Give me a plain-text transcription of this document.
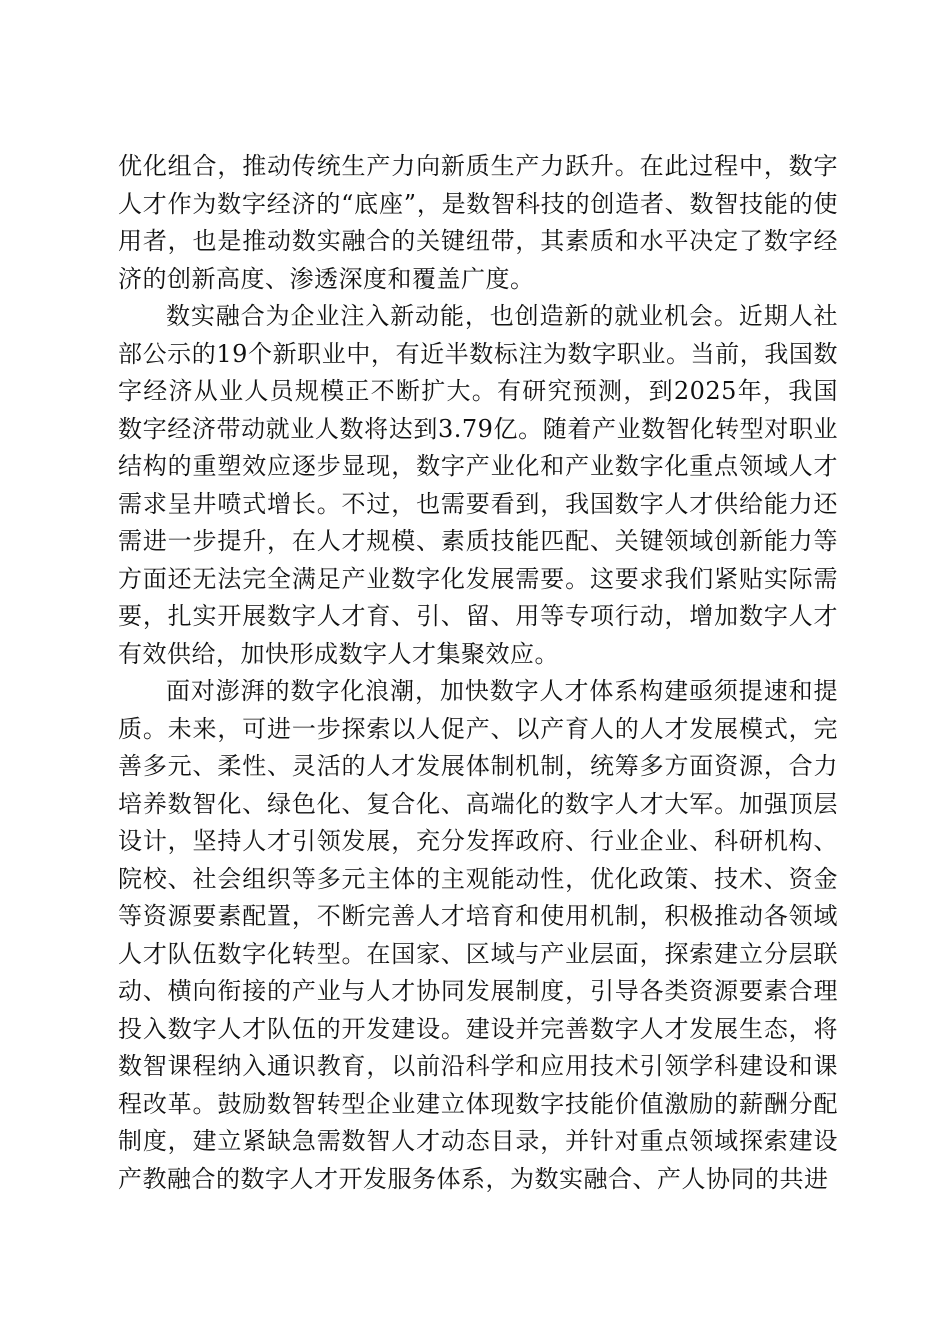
优化组合，推动传统生产力向新质生产力跃升。在此过程中，数字人才作为数字经济的“底座”，是数智科技的创造者、数智技能的使用者，也是推动数实融合的关键纽带，其素质和水平决定了数字经济的创新高度、渗透深度和覆盖广度。

数实融合为企业注入新动能，也创造新的就业机会。近期人社部公示的19个新职业中，有近半数标注为数字职业。当前，我国数字经济从业人员规模正不断扩大。有研究预测，到2025年，我国数字经济带动就业人数将达到3.79亿。随着产业数智化转型对职业结构的重塑效应逐步显现，数字产业化和产业数字化重点领域人才需求呈井喷式增长。不过，也需要看到，我国数字人才供给能力还需进一步提升，在人才规模、素质技能匹配、关键领域创新能力等方面还无法完全满足产业数字化发展需要。这要求我们紧贴实际需要，扎实开展数字人才育、引、留、用等专项行动，增加数字人才有效供给，加快形成数字人才集聚效应。

面对澎湃的数字化浪潮，加快数字人才体系构建亟须提速和提质。未来，可进一步探索以人促产、以产育人的人才发展模式，完善多元、柔性、灵活的人才发展体制机制，统筹多方面资源，合力培养数智化、绿色化、复合化、高端化的数字人才大军。加强顶层设计，坚持人才引领发展，充分发挥政府、行业企业、科研机构、院校、社会组织等多元主体的主观能动性，优化政策、技术、资金等资源要素配置，不断完善人才培育和使用机制，积极推动各领域人才队伍数字化转型。在国家、区域与产业层面，探索建立分层联动、横向衔接的产业与人才协同发展制度，引导各类资源要素合理投入数字人才队伍的开发建设。建设并完善数字人才发展生态，将数智课程纳入通识教育，以前沿科学和应用技术引领学科建设和课程改革。鼓励数智转型企业建立体现数字技能价值激励的薪酬分配制度，建立紧缺急需数智人才动态目录，并针对重点领域探索建设产教融合的数字人才开发服务体系，为数实融合、产人协同的共进
